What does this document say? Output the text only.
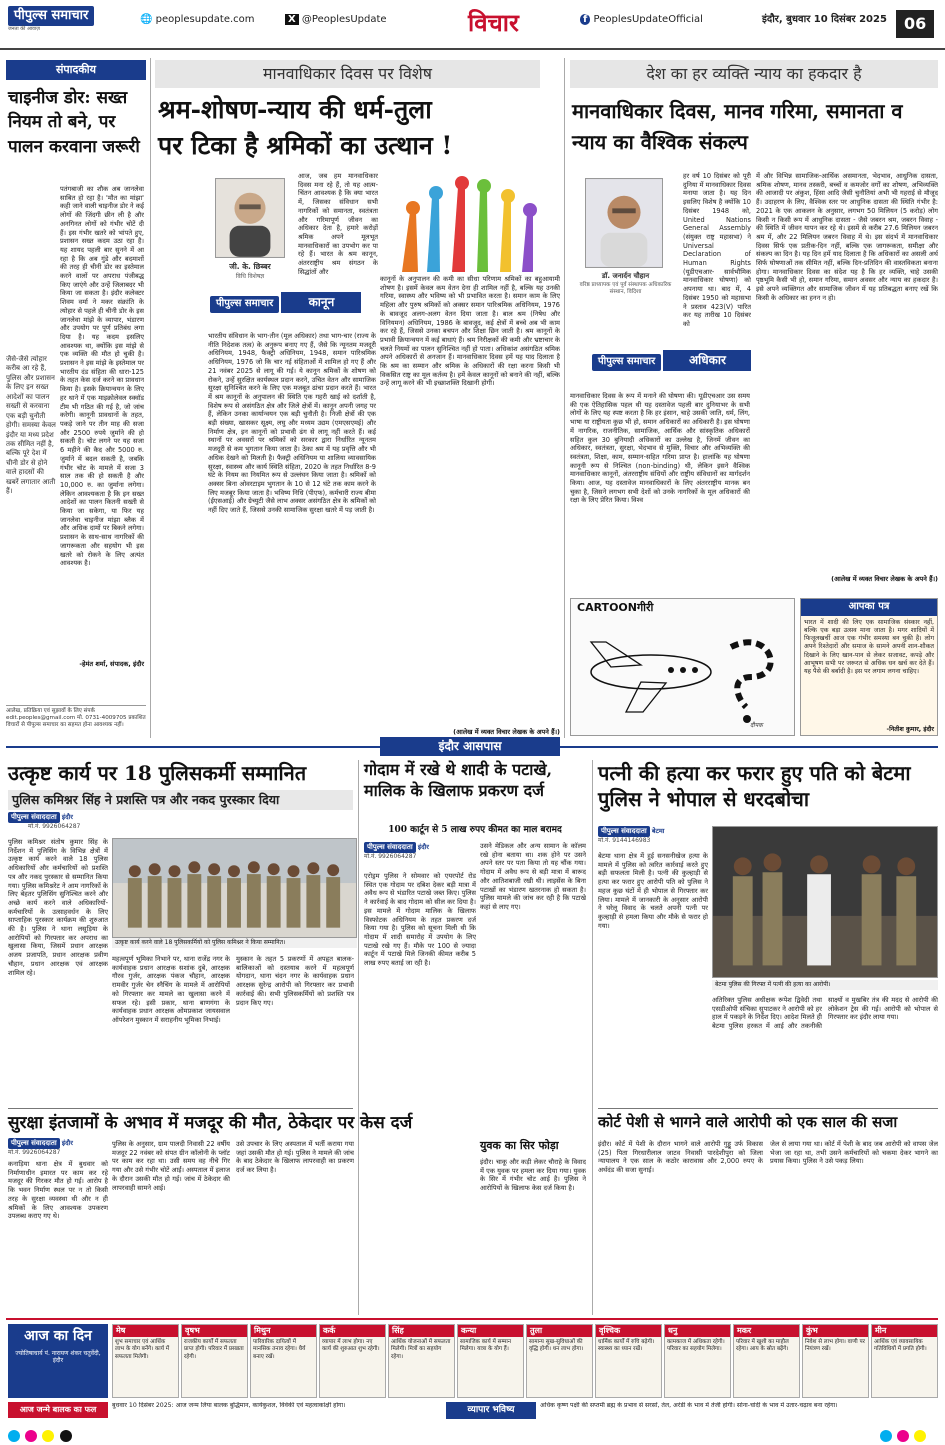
पीपुल्स समाचार
जनता की आवाज़
🌐 peoplesupdate.com	X @PeoplesUpdate	विचार	f PeoplesUpdateOfficial	इंदौर, बुधवार 10 दिसंबर 2025	06
संपादकीय
चाइनीज डोर: सख्त नियम तो बने, पर पालन करवाना जरूरी
पतंगबाजी का शौक अब जानलेवा साबित हो रहा है। 'मौत का मांझा' कही जाने वाली चाइनीज डोर ने कई लोगों की जिंदगी छीन ली है और अनगिनत लोगों को गंभीर चोटें दी हैं। इस गंभीर खतरे को भांपते हुए, प्रशासन सख्त कदम उठा रहा है। यह शायद पहली बार सुनने में आ रहा है कि अब गुंडे और बदमाशों की तरह ही चीनी डोर का इस्तेमाल करने वालों पर अपराध पंजीबद्ध किए जाएंगे और उन्हें जिलाबदर भी किया जा सकता है। इंदौर कलेक्टर शिवम वर्मा ने मकर संक्रांति के त्योहार से पहले ही चीनी डोर के इस जानलेवा मांझे के व्यापार, भंडारण और उपयोग पर पूर्ण प्रतिबंध लगा दिया है। यह कदम इसलिए आवश्यक था, क्योंकि इस मांझे से एक व्यक्ति की मौत हो चुकी है। प्रशासन ने इस मांझे के इस्तेमाल पर भारतीय दंड संहिता की धारा-125 के तहत केस दर्ज करने का प्रावधान किया है। इसके क्रियान्वयन के लिए हर थाने में एक माइक्रोलेवल स्क्वॉड टीम भी गठित की गई है, जो जांच करेगी। कानूनी प्रावधानों के तहत, पकड़े जाने पर तीन माह की सजा और 2500 रुपये जुर्माने की हो सकती है। चोट लगने पर यह सजा 6 महीने की कैद और 5000 रु. जुर्माने में बदल सकती है, जबकि गंभीर चोट के मामले में सजा 3 साल तक की हो सकती है और 10,000 रु. का जुर्माना लगेगा। लेकिन आवश्यकता है कि इन सख्त आदेशों का पालन कितनी सख्ती से किया जा सकेगा, या फिर यह जानलेवा चाइनीज मांझा ब्लैक में और अधिक दामों पर बिकने लगेगा। प्रशासन के साथ-साथ नागरिकों की जागरूकता और सहयोग भी इस खतरे को रोकने के लिए अत्यंत आवश्यक है।
जैसे-जैसे त्योहार करीब आ रहे हैं, पुलिस और प्रशासन के लिए इन सख्त आदेशों का पालन सख्ती से करवाना एक बड़ी चुनौती होगी। समस्या केवल इंदौर या मध्य प्रदेश तक सीमित नहीं है, बल्कि पूरे देश में चीनी डोर से होने वाले हादसों की खबरें लगातार आती हैं।
-हेमंत शर्मा, संपादक, इंदौर
आलेख, प्रतिक्रिया एवं सुझावों के लिए संपर्क edit.peoples@gmail.com मो. 0731-4009705 प्रकाशित विचारों से पीपुल्स समाचार का सहमत होना आवश्यक नहीं।
मानवाधिकार दिवस पर विशेष
श्रम-शोषण-न्याय की धर्म-तुला पर टिका है श्रमिकों का उत्थान !
जी. के. छिब्बर
विधि विशेषज्ञ
पीपुल्स समाचार	कानून
आज, जब हम मानवाधिकार दिवस मना रहे हैं, तो यह आत्म-चिंतन आवश्यक है कि क्या भारत में, जिसका संविधान सभी नागरिकों को समानता, स्वतंत्रता और गरिमापूर्ण जीवन का अधिकार देता है, हमारे करोड़ों श्रमिक अपने मूलभूत मानवाधिकारों का उपभोग कर पा रहे हैं। भारत के श्रम कानून, अंतरराष्ट्रीय श्रम संगठन के सिद्धांतों और
भारतीय संविधान के भाग-तीन (मूल अधिकार) तथा भाग-चार (राज्य के नीति निदेशक तत्व) के अनुरूप बनाए गए हैं, जैसे कि न्यूनतम मजदूरी अधिनियम, 1948, फैक्ट्री अधिनियम, 1948, समान पारिश्रमिक अधिनियम, 1976 जो कि चार नई संहिताओं में शामिल हो गए हैं और 21 नवंबर 2025 से लागू की गई। ये कानून श्रमिकों के शोषण को रोकने, उन्हें सुरक्षित कार्यस्थल प्रदान करने, उचित वेतन और सामाजिक सुरक्षा सुनिश्चित करने के लिए एक मजबूत ढांचा प्रदान करते हैं। भारत में श्रम कानूनों के अनुपालन की स्थिति एक गहरी खाई को दर्शाती है, विशेष रूप से असंगठित क्षेत्र और जिले क्षेत्रों में। कानून अपनी जगह पर हैं, लेकिन उनका कार्यान्वयन एक बड़ी चुनौती है। निजी क्षेत्रों की एक बड़ी संख्या, खासकर सूक्ष्म, लघु और मध्यम उद्यम (एमएसएमई) और निर्माण क्षेत्र, इन कानूनों को प्रभावी ढंग से लागू नहीं करते हैं। कई स्थानों पर अवसरों पर श्रमिकों को सरकार द्वारा निर्धारित न्यूनतम मजदूरी से कम भुगतान किया जाता है। ठेका श्रम में यह प्रवृत्ति और भी अधिक देखने को मिलती है। फैक्ट्री अधिनियम या शालिया व्यावसायिक सुरक्षा, स्वास्थ्य और कार्य स्थिति संहिता, 2020 के तहत निर्धारित 8-9 घंटे के नियम का नियमित रूप से उल्लंघन किया जाता है। श्रमिकों को अक्सर बिना ओवरटाइम भुगतान के 10 से 12 घंटे तक काम करने के लिए मजबूर किया जाता है। भविष्य निधि (पीएफ), कर्मचारी राज्य बीमा (ईएसआई) और ग्रेच्युटी जैसे लाभ अक्सर असंगठित क्षेत्र के श्रमिकों को नहीं दिए जाते हैं, जिससे उनकी सामाजिक सुरक्षा खतरे में पड़ जाती है।
कानूनों के अनुपालन की कमी का सीधा परिणाम श्रमिकों का बहुआयामी शोषण है। इसमें केवल कम वेतन देना ही शामिल नहीं है, बल्कि यह उनकी गरिमा, स्वास्थ्य और भविष्य को भी प्रभावित करता है। समान काम के लिए महिला और पुरुष श्रमिकों को अक्सर समान पारिश्रमिक अधिनियम, 1976 के बावजूद अलग-अलग वेतन दिया जाता है। बाल श्रम (निषेध और विनियमन) अधिनियम, 1986 के बावजूद, कई क्षेत्रों में बच्चे अब भी काम कर रहे हैं, जिससे उनका बचपन और शिक्षा छिन जाती है। श्रम कानूनों के प्रभावी क्रियान्वयन में कई बाधाएं हैं। श्रम निरीक्षकों की कमी और भ्रष्टाचार के चलते नियमों का पालन सुनिश्चित नहीं हो पाता। अधिकांश असंगठित श्रमिक अपने अधिकारों से अनजान हैं। मानवाधिकार दिवस हमें यह याद दिलाता है कि श्रम का सम्मान और श्रमिक के अधिकारों की रक्षा करना किसी भी विकसित राष्ट्र का मूल कर्तव्य है। हमें केवल कानूनों को बनाने की नहीं, बल्कि उन्हें लागू करने की भी इच्छाशक्ति दिखानी होगी।
(आलेख में व्यक्त विचार लेखक के अपने हैं।)
देश का हर व्यक्ति न्याय का हकदार है
मानवाधिकार दिवस, मानव गरिमा, समानता व न्याय का वैश्विक संकल्प
डॉ. जनार्दन चौहान
वरिष्ठ प्राध्यापक एवं पूर्व संस्थापक अधिकारिक संस्थान, विदिशा
पीपुल्स समाचार	अधिकार
हर वर्ष 10 दिसंबर को पूरी दुनिया में मानवाधिकार दिवस मनाया जाता है। यह दिन इसलिए विशेष है क्योंकि 10 दिसंबर 1948 को, United Nations General Assembly (संयुक्त राष्ट्र महासभा) ने Universal Declaration of Human Rights (यूडीएचआर- सार्वभौमिक मानवाधिकार घोषणा) को अपनाया था। बाद में, 4 दिसंबर 1950 को महासभा ने प्रस्ताव 423(V) पारित कर यह तारीख 10 दिसंबर को
मानवाधिकार दिवस के रूप में मनाने की घोषणा की। यूडीएचआर उस समय की एक ऐतिहासिक पहल थी यह दस्तावेज पहली बार दुनियाभर के सभी लोगों के लिए यह स्पष्ट करता है कि हर इंसान, चाहे उसकी जाति, धर्म, लिंग, भाषा या राष्ट्रीयता कुछ भी हो, समान अधिकारों का अधिकारी है। इस घोषणा में नागरिक, राजनीतिक, सामाजिक, आर्थिक और सांस्कृतिक अधिकारों सहित कुल 30 बुनियादी अधिकारों का उल्लेख है, जिनमें जीवन का अधिकार, स्वतंत्रता, सुरक्षा, भेदभाव से मुक्ति, विचार और अभिव्यक्ति की स्वतंत्रता, शिक्षा, काम, सम्मान-सहित गरिमा प्राप्त है। हालांकि यह घोषणा कानूनी रूप से निश्चित (non-binding) थी, लेकिन इसने वैश्विक मानवाधिकार कानूनों, अंतरराष्ट्रीय संधियों और राष्ट्रीय संविधानों का मार्गदर्शन किया। आज, यह दस्तावेज मानवाधिकारों के लिए अंतरराष्ट्रीय मानक बन चुका है, जिसने लगभग सभी देशों को उनके नागरिकों के मूल अधिकारों की रक्षा के लिए प्रेरित किया। विश्व
में और विभिन्न सामाजिक-आर्थिक असमानता, भेदभाव, आधुनिक दासता, श्रमिक शोषण, मानव तस्करी, बच्चों व कमजोर वर्गों का शोषण, अभिव्यक्ति की आजादी पर अंकुश, हिंसा आदि जैसी चुनौतियां अभी भी गहराई से मौजूद हैं। उदाहरण के लिए, वैश्विक स्तर पर आधुनिक दासता की स्थिति गंभीर है: 2021 के एक आकलन के अनुसार, लगभग 50 मिलियन (5 करोड़) लोग किसी न किसी रूप में आधुनिक दासता - जैसे जबरन श्रम, जबरन विवाह - की स्थिति में जीवन यापन कर रहे थे। इसमें से करीब 27.6 मिलियन जबरन श्रम में, और 22 मिलियन जबरन विवाह में थे। इस संदर्भ में मानवाधिकार दिवस सिर्फ एक प्रतीक-दिन नहीं, बल्कि एक जागरूकता, समीक्षा और संकल्प का दिन है। यह दिन हमें याद दिलाता है कि अधिकारों का असली अर्थ सिर्फ घोषणाओं तक सीमित नहीं, बल्कि दिन-प्रतिदिन की वास्तविकता बनाना होगा। मानवाधिकार दिवस का संदेश यह है कि हर व्यक्ति, चाहे उसकी पृष्ठभूमि कैसी भी हो, समान गरिमा, समान अवसर और न्याय का हकदार है। इसे अपने व्यक्तिगत और सामाजिक जीवन में यह प्रतिबद्धता बनाए रखें कि किसी के अधिकार का हनन न हो।
(आलेख में व्यक्त विचार लेखक के अपने हैं।)
CARTOONगीरी
दीपक
आपका पत्र
भारत में शादी की लिए एक सामाजिक संस्कार नहीं, बल्कि एक बड़ा उत्सव माना जाता है। मगर शादियों में फिजूलखर्ची आज एक गंभीर समस्या बन चुकी है। लोग अपने रिश्तेदारों और समाज के सामने अपनी शान-शौकत दिखाने के लिए खान-पान से लेकर सजावट, कपड़े और आभूषण सभी पर जरूरत से अधिक धन खर्च कर देते हैं। यह पैसे की बर्बादी है। इस पर लगाम लगना चाहिए।
-नितीश कुमार, इंदौर
इंदौर आसपास
उत्कृष्ट कार्य पर 18 पुलिसकर्मी सम्मानित
पुलिस कमिश्नर सिंह ने प्रशस्ति पत्र और नकद पुरस्कार दिया
पीपुल्स संवाददाता इंदौर
मो.नं. 9926064287
पुलिस कमिश्नर संतोष कुमार सिंह के निर्देशन में पुलिसिंग के विभिन्न क्षेत्रों में उत्कृष्ट कार्य करने वाले 18 पुलिस अधिकारियों और कर्मचारियों को प्रशस्ति पत्र और नकद पुरस्कार से सम्मानित किया गया। पुलिस कमिश्नरेट ने आम नागरिकों के लिए बेहतर पुलिसिंग सुनिश्चित करने और अच्छे कार्य करने वाले अधिकारियों-कर्मचारियों के उत्साहवर्धन के लिए साप्ताहिक पुरस्कार कार्यक्रम की शुरुआत की है। पुलिस ने थाना लसूड़िया के आरोपियों को गिरफ्तार कर अपराध का खुलासा किया, जिसमें प्रधान आरक्षक अजय प्रजापति, प्रधान आरक्षक प्रवीण चौहान, प्रधान आरक्षक एवं आरक्षक शामिल रहे।
उत्कृष्ट कार्य करने वाले 18 पुलिसकर्मियों को पुलिस कमिश्नर ने किया सम्मानित।
महत्वपूर्ण भूमिका निभाने पर, थाना राजेंद्र नगर के कार्यवाहक प्रधान आरक्षक सशांक दुबे, आरक्षक गौरव गुर्जर, आरक्षक पंकज चौहान, आरक्षक रामवीर गुर्जर चेन स्नैचिंग के मामले में आरोपियों को गिरफ्तार कर मामले का खुलासा करने में सफल रहे। इसी प्रकार, थाना बाणगंगा के कार्यवाहक प्रधान आरक्षक ओमप्रकाश जायसवाल ऑपरेशन मुस्कान में सराहनीय भूमिका निभाई।
मुस्कान के तहत 5 प्रकरणों में अपहृत बालक-बालिकाओं को दस्तयाब करने में महत्वपूर्ण योगदान, थाना चंदन नगर के कार्यवाहक प्रधान आरक्षक सुरेन्द्र आरोपी को गिरफ्तार कर प्रभावी कार्रवाई की। सभी पुलिसकर्मियों को प्रशस्ति पत्र प्रदान किए गए।
सुरक्षा इंतजामों के अभाव में मजदूर की मौत, ठेकेदार पर केस दर्ज
पीपुल्स संवाददाता इंदौर
मो.नं. 9926064287
कनाड़िया थाना क्षेत्र में बुधवार को निर्माणाधीन इमारत पर काम कर रहे मजदूर की गिरकर मौत हो गई। आरोप है कि भवन निर्माण स्थल पर न तो किसी तरह के सुरक्षा व्यवस्था थी और न ही श्रमिकों के लिए आवश्यक उपकरण उपलब्ध कराए गए थे।
पुलिस के अनुसार, ग्राम पालदी निवासी 22 वर्षीय मजदूर 22 नवंबर को संपत ग्रीन कॉलोनी के प्लॉट पर काम कर रहा था। उसी समय वह नीचे गिर गया और उसे गंभीर चोटें आईं। अस्पताल में इलाज के दौरान उसकी मौत हो गई। जांच में ठेकेदार की लापरवाही सामने आई।
उसे उपचार के लिए अस्पताल में भर्ती कराया गया जहां उसकी मौत हो गई। पुलिस ने मामले की जांच के बाद ठेकेदार के खिलाफ लापरवाही का प्रकरण दर्ज कर लिया है।
गोदाम में रखे थे शादी के पटाखे, मालिक के खिलाफ प्रकरण दर्ज
100 कार्टून से 5 लाख रुपए कीमत का माल बरामद
पीपुल्स संवाददाता इंदौर
मो.नं. 9926064287
एरोड्रम पुलिस ने सोमवार को एयरपोर्ट रोड स्थित एक गोदाम पर दबिश देकर बड़ी मात्रा में अवैध रूप से भंडारित पटाखे जब्त किए। पुलिस ने कार्रवाई के बाद गोदाम को सील कर दिया है। इस मामले में गोदाम मालिक के खिलाफ विस्फोटक अधिनियम के तहत प्रकरण दर्ज किया गया है। पुलिस को सूचना मिली थी कि गोदाम में शादी समारोह में उपयोग के लिए पटाखे रखे गए हैं। मौके पर 100 से ज्यादा कार्टून में पटाखे मिले जिनकी कीमत करीब 5 लाख रुपए बताई जा रही है।
उसने मेडिकल और अन्य सामान के कॉलम रखे होना बताया था। शक होने पर उसने अपने स्तर पर पता किया तो यह चौंक गया। गोदाम में अवैध रूप से बड़ी मात्रा में बारूद और आतिशबाजी रखी थी। लाइसेंस के बिना पटाखों का भंडारण खतरनाक हो सकता है। पुलिस मामले की जांच कर रही है कि पटाखे कहां से लाए गए।
युवक का सिर फोड़ा
इंदौर। चाकू और कड़ी लेकर चौराहे के विवाद में एक युवक पर हमला कर दिया गया। युवक के सिर में गंभीर चोट आई है। पुलिस ने आरोपियों के खिलाफ केस दर्ज किया है।
पत्नी की हत्या कर फरार हुए पति को बेटमा पुलिस ने भोपाल से धरदबोचा
पीपुल्स संवाददाता बेटमा
मो.नं. 9144146983
बेटमा थाना क्षेत्र में हुई सनसनीखेज हत्या के मामले में पुलिस को त्वरित कार्रवाई करते हुए बड़ी सफलता मिली है। पत्नी की कुल्हाड़ी से हत्या कर फरार हुए आरोपी पति को पुलिस ने महज कुछ घंटों में ही भोपाल से गिरफ्तार कर लिया। मामले में जानकारी के अनुसार आरोपी ने घरेलू विवाद के चलते अपनी पत्नी पर कुल्हाड़ी से हमला किया और मौके से फरार हो गया।
बेटमा पुलिस की गिरफ्त में पत्नी की हत्या का आरोपी।
अतिरिक्त पुलिस अधीक्षक रूपेश द्विवेदी तथा एसडीओपी संचिका सुपाटकर ने आरोपी को हर हाल में पकड़ने के निर्देश दिए। आदेश मिलते ही बेटमा पुलिस हरकत में आई और तकनीकी साक्ष्यों व मुखबिर तंत्र की मदद से आरोपी की लोकेशन ट्रेस की गई। आरोपी को भोपाल से गिरफ्तार कर इंदौर लाया गया।
कोर्ट पेशी से भागने वाले आरोपी को एक साल की सजा
इंदौर। कोर्ट में पेशी के दौरान भागने वाले आरोपी गुड्डू उर्फ विकास (25) पिता गिरधारीलाल जाटव निवासी पारदेशीपुरा को जिला न्यायालय ने एक साल के कठोर कारावास और 2,000 रुपए के अर्थदंड की सजा सुनाई।
जेल से लाया गया था। कोर्ट में पेशी के बाद जब आरोपी को वापस जेल भेजा जा रहा था, तभी उसने कर्मचारियों को चकमा देकर भागने का प्रयास किया। पुलिस ने उसे पकड़ लिया।
आज का दिन
ज्योतिषाचार्य पं. नारायण शंकर चतुर्वेदी, इंदौर
मेष
शुभ समाचार एवं आर्थिक लाभ के योग बनेंगे। कार्य में सफलता मिलेगी।
वृषभ
राजकीय कार्यों में सफलता प्राप्त होगी। परिवार में प्रसन्नता रहेगी।
मिथुन
पारिवारिक दायित्वों में मानसिक तनाव रहेगा। धैर्य बनाए रखें।
कर्क
व्यापार में लाभ होगा। नए कार्य की शुरुआत शुभ रहेगी।
सिंह
आर्थिक योजनाओं में सफलता मिलेगी। मित्रों का सहयोग रहेगा।
कन्या
सामाजिक कार्य में सम्मान मिलेगा। यात्रा के योग हैं।
तुला
सामान्य सुख-सुविधाओं की वृद्धि होगी। धन लाभ होगा।
वृश्चिक
धार्मिक कार्यों में रुचि बढ़ेगी। स्वास्थ्य का ध्यान रखें।
धनु
कामकाज में अधिकता रहेगी। परिवार का सहयोग मिलेगा।
मकर
परिवार में खुशी का माहौल रहेगा। आय के स्रोत बढ़ेंगे।
कुंभ
निवेश से लाभ होगा। वाणी पर नियंत्रण रखें।
मीन
आर्थिक एवं व्यावसायिक गतिविधियों में प्रगति होगी।
आज जन्मे बालक का फल	बुधवार 10 दिसंबर 2025: आज जन्म लिया बालक बुद्धिमान, कार्यकुशल, विवेकी एवं महत्वाकांक्षी होगा।	व्यापार भविष्य	अधिक कृष्ण पक्षी की सप्तमी ब्रह्म के प्रभाव से सरसों, तेल, अरंडी के भाव में तेजी होगी। सोना-चांदी के भाव में उतार-चढ़ाव बना रहेगा।
